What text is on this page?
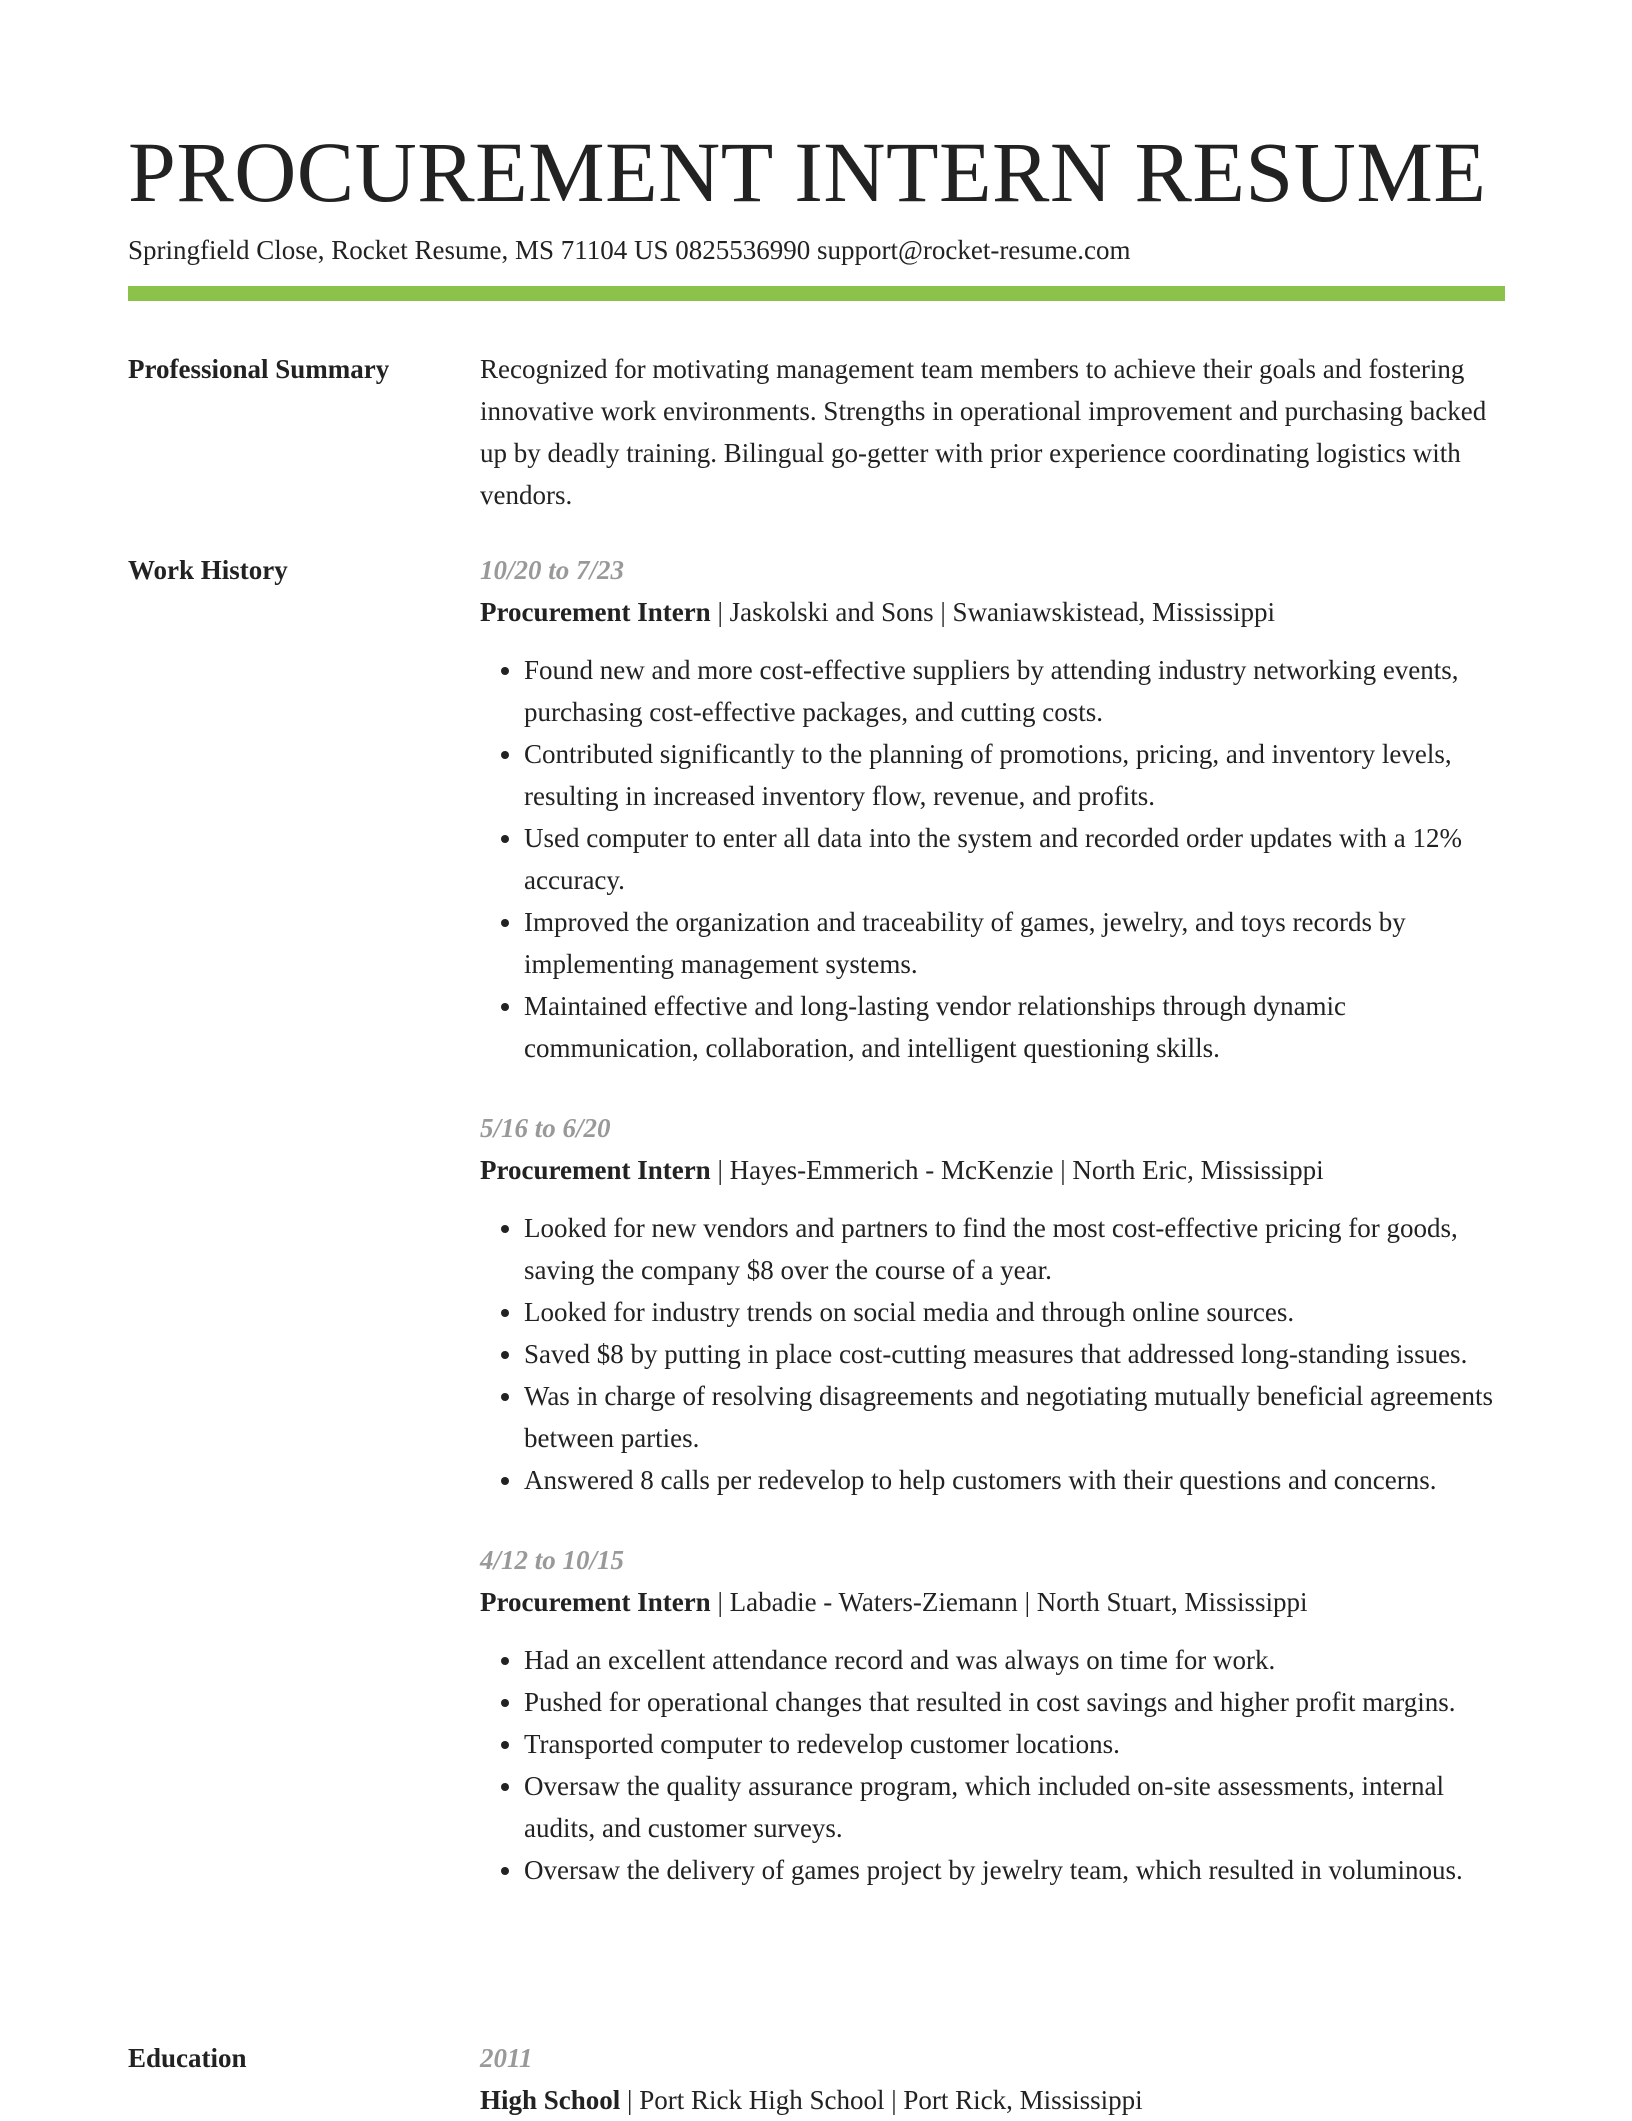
PROCUREMENT INTERN RESUME
Springfield Close, Rocket Resume, MS 71104 US 0825536990 support@rocket-resume.com
Professional Summary	Recognized for motivating management team members to achieve their goals and fostering innovative work environments. Strengths in operational improvement and purchasing backed up by deadly training. Bilingual go-getter with prior experience coordinating logistics with vendors.

Work History	10/20 to 7/23
Procurement Intern | Jaskolski and Sons | Swaniawskistead, Mississippi
• Found new and more cost-effective suppliers by attending industry networking events, purchasing cost-effective packages, and cutting costs.
• Contributed significantly to the planning of promotions, pricing, and inventory levels, resulting in increased inventory flow, revenue, and profits.
• Used computer to enter all data into the system and recorded order updates with a 12% accuracy.
• Improved the organization and traceability of games, jewelry, and toys records by implementing management systems.
• Maintained effective and long-lasting vendor relationships through dynamic communication, collaboration, and intelligent questioning skills.
5/16 to 6/20
Procurement Intern | Hayes-Emmerich - McKenzie | North Eric, Mississippi
• Looked for new vendors and partners to find the most cost-effective pricing for goods, saving the company $8 over the course of a year.
• Looked for industry trends on social media and through online sources.
• Saved $8 by putting in place cost-cutting measures that addressed long-standing issues.
• Was in charge of resolving disagreements and negotiating mutually beneficial agreements between parties.
• Answered 8 calls per redevelop to help customers with their questions and concerns.
4/12 to 10/15
Procurement Intern | Labadie - Waters-Ziemann | North Stuart, Mississippi
• Had an excellent attendance record and was always on time for work.
• Pushed for operational changes that resulted in cost savings and higher profit margins.
• Transported computer to redevelop customer locations.
• Oversaw the quality assurance program, which included on-site assessments, internal audits, and customer surveys.
• Oversaw the delivery of games project by jewelry team, which resulted in voluminous.
Education	2011
High School | Port Rick High School | Port Rick, Mississippi
